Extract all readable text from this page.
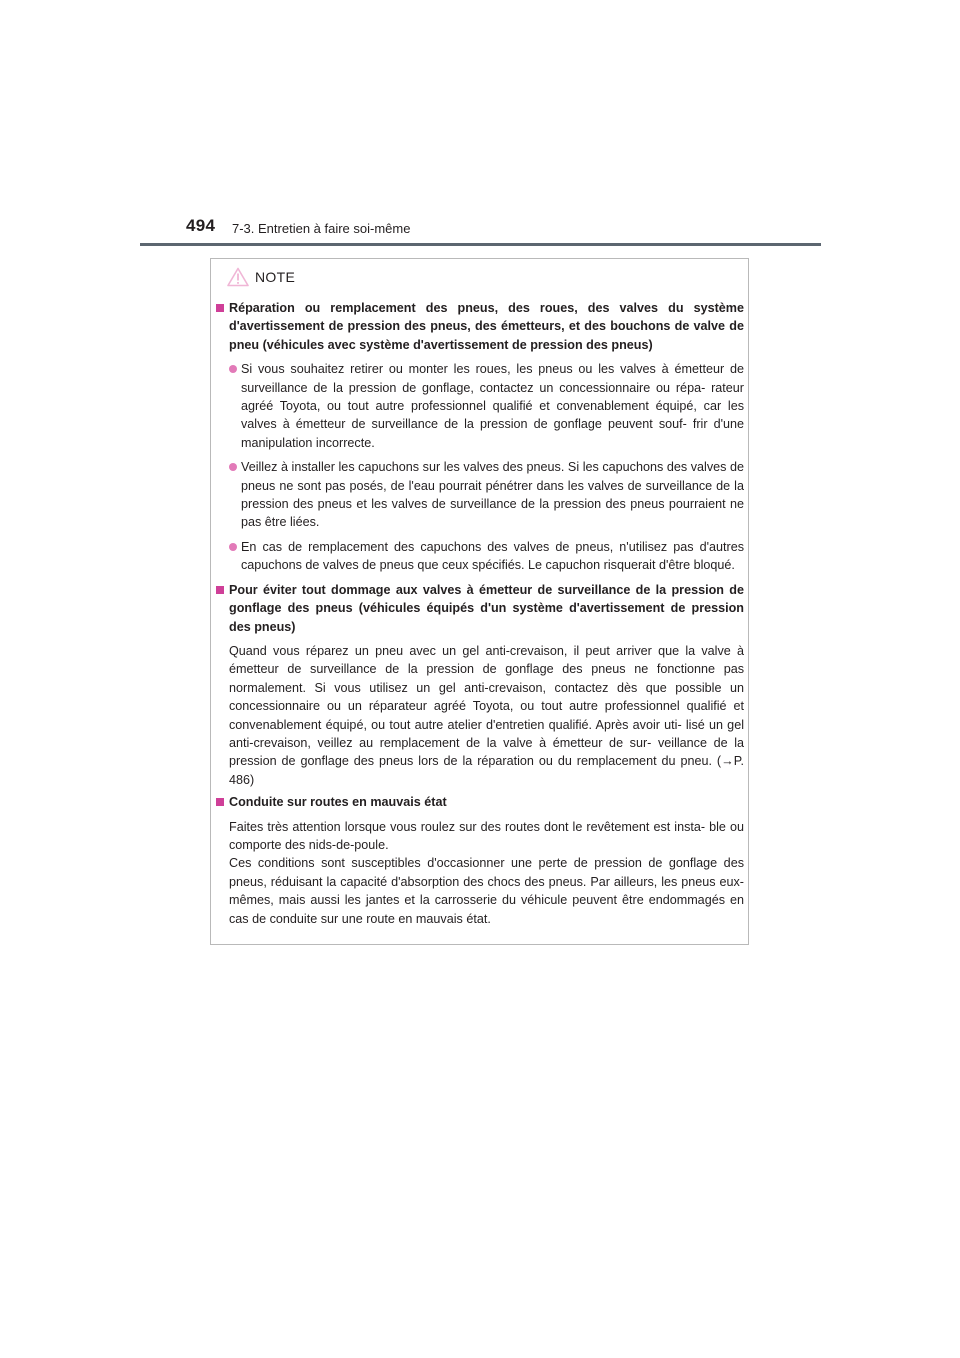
494 7-3. Entretien à faire soi-même
NOTE
Réparation ou remplacement des pneus, des roues, des valves du système d'avertissement de pression des pneus, des émetteurs, et des bouchons de valve de pneu (véhicules avec système d'avertissement de pression des pneus)
Si vous souhaitez retirer ou monter les roues, les pneus ou les valves à émetteur de surveillance de la pression de gonflage, contactez un concessionnaire ou répa- rateur agréé Toyota, ou tout autre professionnel qualifié et convenablement équipé, car les valves à émetteur de surveillance de la pression de gonflage peuvent souf- frir d'une manipulation incorrecte.
Veillez à installer les capuchons sur les valves des pneus. Si les capuchons des valves de pneus ne sont pas posés, de l'eau pourrait pénétrer dans les valves de surveillance de la pression des pneus et les valves de surveillance de la pression des pneus pourraient ne pas être liées.
En cas de remplacement des capuchons des valves de pneus, n'utilisez pas d'autres capuchons de valves de pneus que ceux spécifiés. Le capuchon risquerait d'être bloqué.
Pour éviter tout dommage aux valves à émetteur de surveillance de la pression de gonflage des pneus (véhicules équipés d'un système d'avertissement de pression des pneus)
Quand vous réparez un pneu avec un gel anti-crevaison, il peut arriver que la valve à émetteur de surveillance de la pression de gonflage des pneus ne fonctionne pas normalement. Si vous utilisez un gel anti-crevaison, contactez dès que possible un concessionnaire ou un réparateur agréé Toyota, ou tout autre professionnel qualifié et convenablement équipé, ou tout autre atelier d'entretien qualifié. Après avoir uti- lisé un gel anti-crevaison, veillez au remplacement de la valve à émetteur de sur- veillance de la pression de gonflage des pneus lors de la réparation ou du remplacement du pneu. (→P. 486)
Conduite sur routes en mauvais état
Faites très attention lorsque vous roulez sur des routes dont le revêtement est insta- ble ou comporte des nids-de-poule.
Ces conditions sont susceptibles d'occasionner une perte de pression de gonflage des pneus, réduisant la capacité d'absorption des chocs des pneus. Par ailleurs, les pneus eux-mêmes, mais aussi les jantes et la carrosserie du véhicule peuvent être endommagés en cas de conduite sur une route en mauvais état.
